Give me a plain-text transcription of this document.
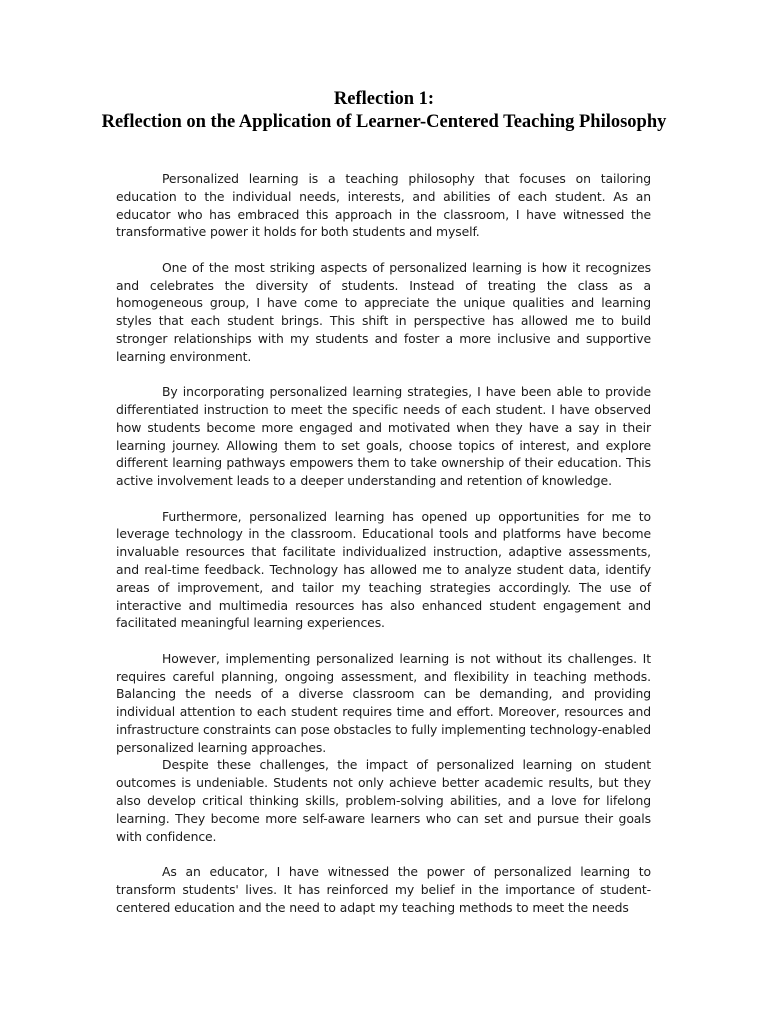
Reflection 1:
Reflection on the Application of Learner-Centered Teaching Philosophy

Personalized learning is a teaching philosophy that focuses on tailoring education to the individual needs, interests, and abilities of each student. As an educator who has embraced this approach in the classroom, I have witnessed the transformative power it holds for both students and myself.

One of the most striking aspects of personalized learning is how it recognizes and celebrates the diversity of students. Instead of treating the class as a homogeneous group, I have come to appreciate the unique qualities and learning styles that each student brings. This shift in perspective has allowed me to build stronger relationships with my students and foster a more inclusive and supportive learning environment.

By incorporating personalized learning strategies, I have been able to provide differentiated instruction to meet the specific needs of each student. I have observed how students become more engaged and motivated when they have a say in their learning journey. Allowing them to set goals, choose topics of interest, and explore different learning pathways empowers them to take ownership of their education. This active involvement leads to a deeper understanding and retention of knowledge.

Furthermore, personalized learning has opened up opportunities for me to leverage technology in the classroom. Educational tools and platforms have become invaluable resources that facilitate individualized instruction, adaptive assessments, and real-time feedback. Technology has allowed me to analyze student data, identify areas of improvement, and tailor my teaching strategies accordingly. The use of interactive and multimedia resources has also enhanced student engagement and facilitated meaningful learning experiences.

However, implementing personalized learning is not without its challenges. It requires careful planning, ongoing assessment, and flexibility in teaching methods. Balancing the needs of a diverse classroom can be demanding, and providing individual attention to each student requires time and effort. Moreover, resources and infrastructure constraints can pose obstacles to fully implementing technology-enabled personalized learning approaches.

Despite these challenges, the impact of personalized learning on student outcomes is undeniable. Students not only achieve better academic results, but they also develop critical thinking skills, problem-solving abilities, and a love for lifelong learning. They become more self-aware learners who can set and pursue their goals with confidence.

As an educator, I have witnessed the power of personalized learning to transform students' lives. It has reinforced my belief in the importance of student-centered education and the need to adapt my teaching methods to meet the needs
